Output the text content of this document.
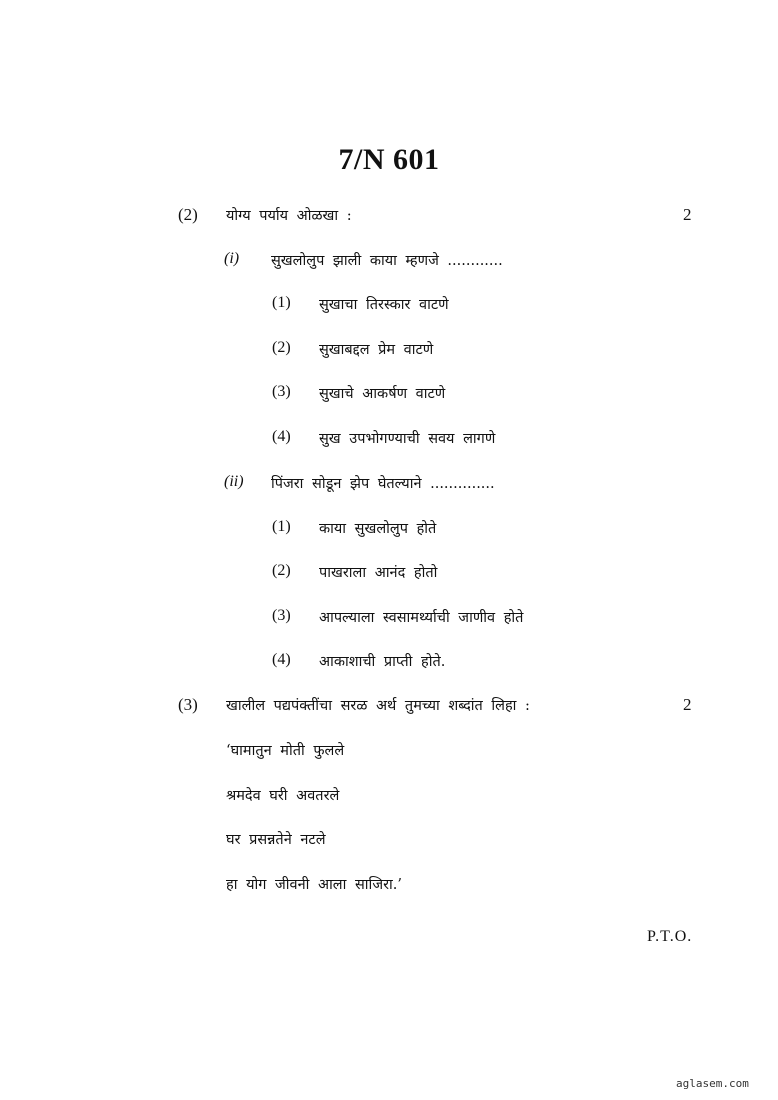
7/N 601
(2) योग्य पर्याय ओळखा :	2
(i) सुखलोलुप झाली काया म्हणजे ............
(1) सुखाचा तिरस्कार वाटणे
(2) सुखाबद्दल प्रेम वाटणे
(3) सुखाचे आकर्षण वाटणे
(4) सुख उपभोगण्याची सवय लागणे
(ii) पिंजरा सोडून झेप घेतल्याने ..............
(1) काया सुखलोलुप होते
(2) पाखराला आनंद होतो
(3) आपल्याला स्वसामर्थ्याची जाणीव होते
(4) आकाशाची प्राप्ती होते.
(3) खालील पद्यपंक्तींचा सरळ अर्थ तुमच्या शब्दांत लिहा :	2
‘घामातुन मोती फुलले
श्रमदेव घरी अवतरले
घर प्रसन्नतेने नटले
हा योग जीवनी आला साजिरा.’
P.T.O.
aglasem.com
